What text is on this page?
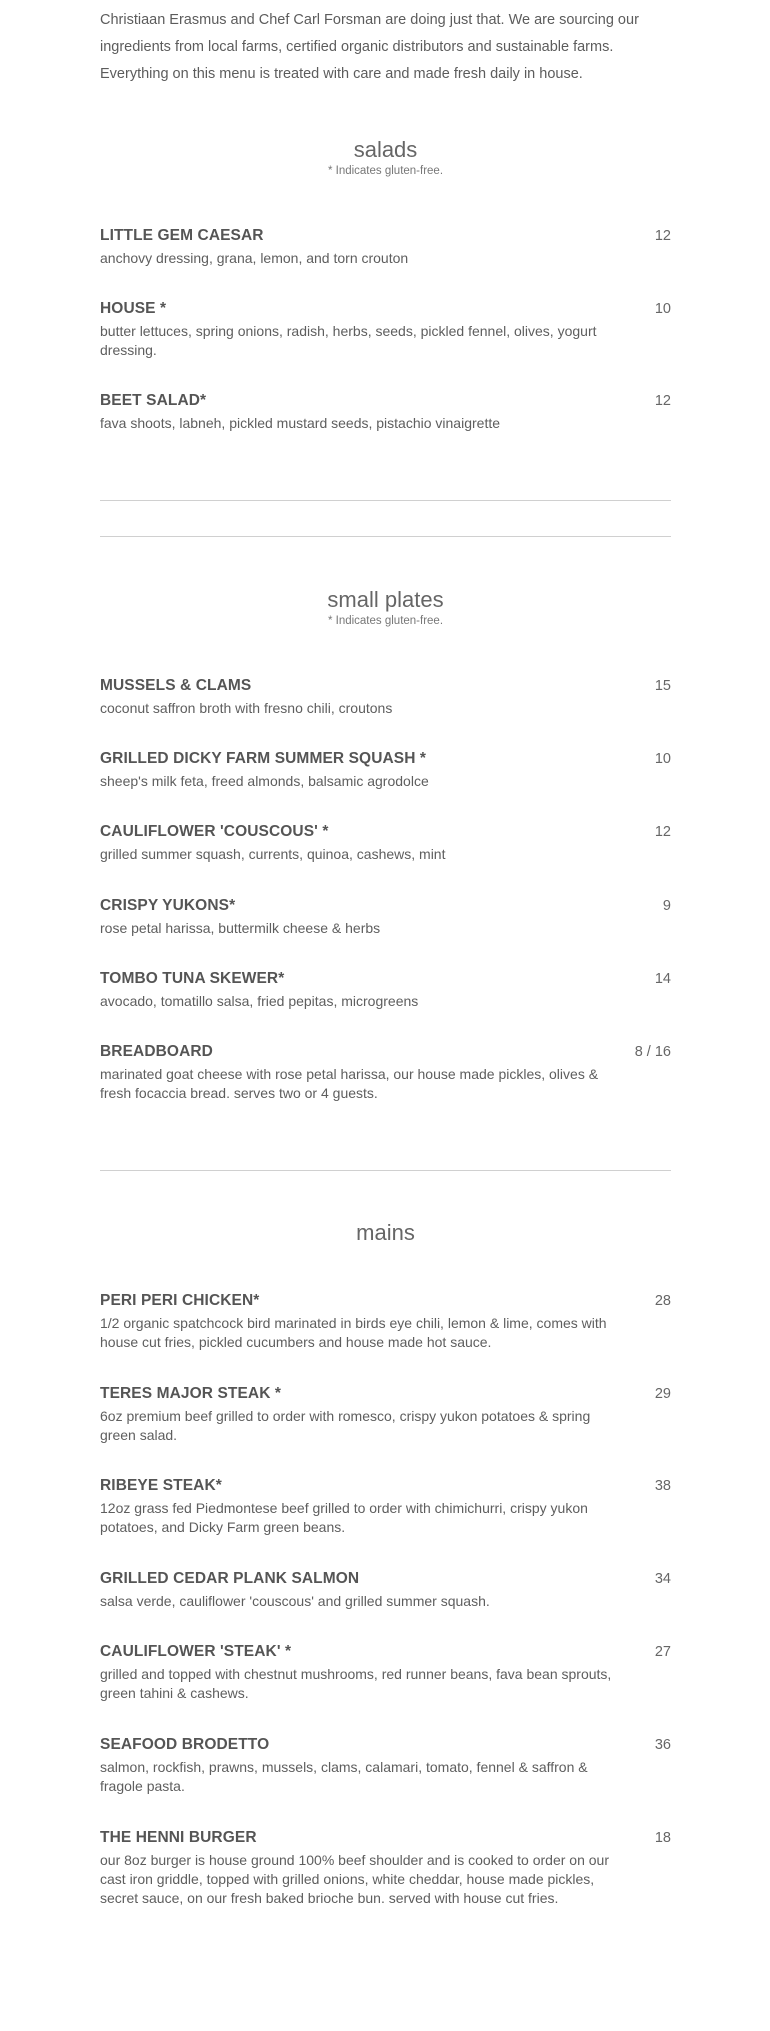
Christiaan Erasmus and Chef Carl Forsman are doing just that. We are sourcing our ingredients from local farms, certified organic distributors and sustainable farms. Everything on this menu is treated with care and made fresh daily in house.

salads
* Indicates gluten-free.
LITTLE GEM CAESAR	12
anchovy dressing, grana, lemon, and torn crouton
HOUSE *	10
butter lettuces, spring onions, radish, herbs, seeds, pickled fennel, olives, yogurt dressing.
BEET SALAD*	12
fava shoots, labneh, pickled mustard seeds, pistachio vinaigrette
small plates
* Indicates gluten-free.
MUSSELS & CLAMS	15
coconut saffron broth with fresno chili, croutons
GRILLED DICKY FARM SUMMER SQUASH *	10
sheep's milk feta, freed almonds, balsamic agrodolce
CAULIFLOWER 'COUSCOUS' *	12
grilled summer squash, currents, quinoa, cashews, mint
CRISPY YUKONS*	9
rose petal harissa, buttermilk cheese & herbs
TOMBO TUNA SKEWER*	14
avocado, tomatillo salsa, fried pepitas, microgreens
BREADBOARD	8 / 16
marinated goat cheese with rose petal harissa, our house made pickles, olives & fresh focaccia bread. serves two or 4 guests.
mains
PERI PERI CHICKEN*	28
1/2 organic spatchcock bird marinated in birds eye chili, lemon & lime, comes with house cut fries, pickled cucumbers and house made hot sauce.
TERES MAJOR STEAK *	29
6oz premium beef grilled to order with romesco, crispy yukon potatoes & spring green salad.
RIBEYE STEAK*	38
12oz grass fed Piedmontese beef grilled to order with chimichurri, crispy yukon potatoes, and Dicky Farm green beans.
GRILLED CEDAR PLANK SALMON	34
salsa verde, cauliflower 'couscous' and grilled summer squash.
CAULIFLOWER 'STEAK' *	27
grilled and topped with chestnut mushrooms, red runner beans, fava bean sprouts, green tahini & cashews.
SEAFOOD BRODETTO	36
salmon, rockfish, prawns, mussels, clams, calamari, tomato, fennel & saffron & fragole pasta.
THE HENNI BURGER	18
our 8oz burger is house ground 100% beef shoulder and is cooked to order on our cast iron griddle, topped with grilled onions, white cheddar, house made pickles, secret sauce, on our fresh baked brioche bun. served with house cut fries.
